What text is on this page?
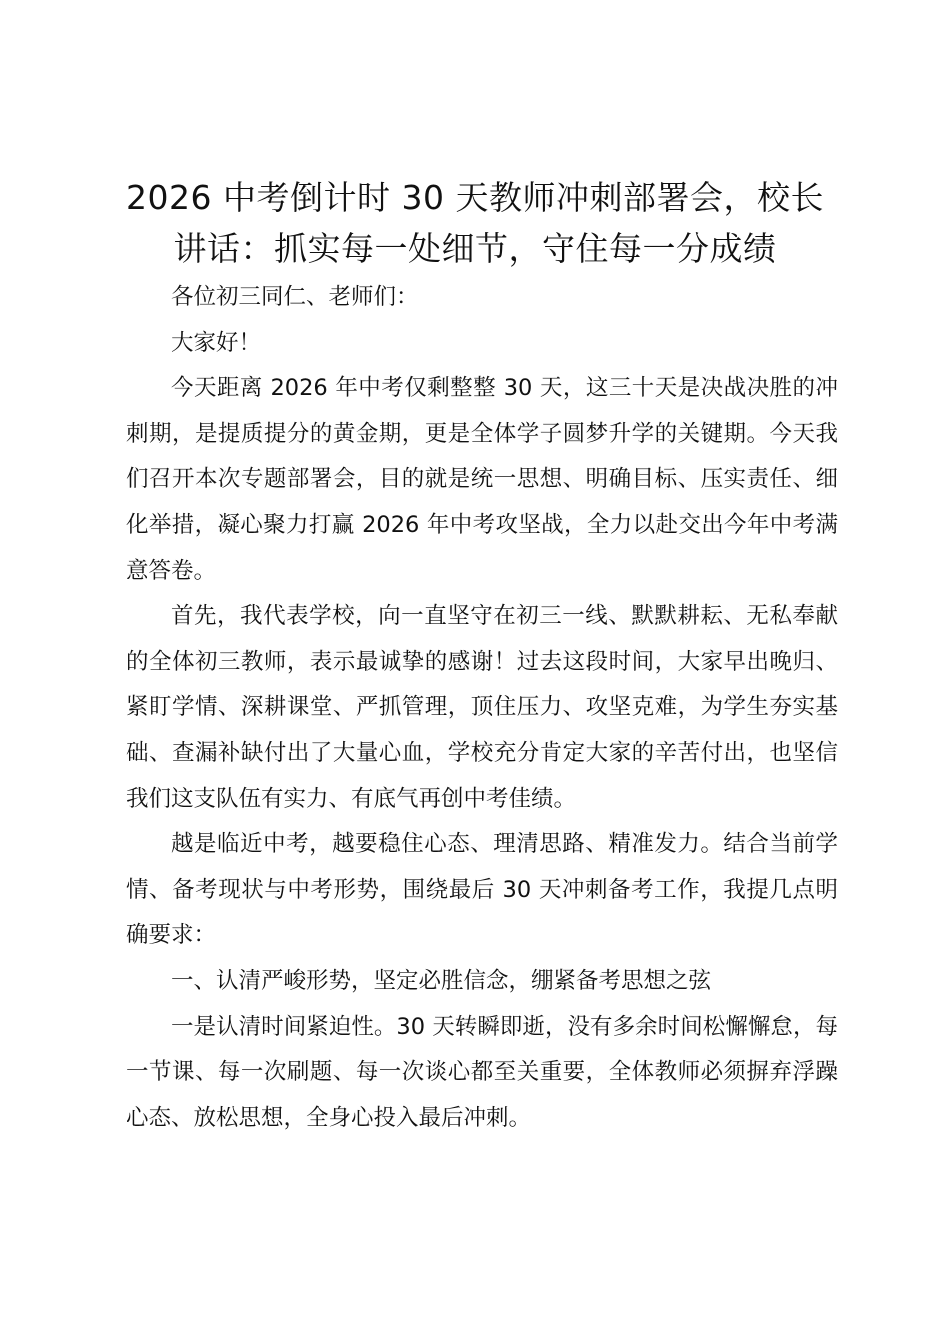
2026 中考倒计时 30 天教师冲刺部署会，校长讲话：抓实每一处细节，守住每一分成绩

各位初三同仁、老师们：

大家好！

今天距离 2026 年中考仅剩整整 30 天，这三十天是决战决胜的冲刺期，是提质提分的黄金期，更是全体学子圆梦升学的关键期。今天我们召开本次专题部署会，目的就是统一思想、明确目标、压实责任、细化举措，凝心聚力打赢 2026 年中考攻坚战，全力以赴交出今年中考满意答卷。

首先，我代表学校，向一直坚守在初三一线、默默耕耘、无私奉献的全体初三教师，表示最诚挚的感谢！过去这段时间，大家早出晚归、紧盯学情、深耕课堂、严抓管理，顶住压力、攻坚克难，为学生夯实基础、查漏补缺付出了大量心血，学校充分肯定大家的辛苦付出，也坚信我们这支队伍有实力、有底气再创中考佳绩。

越是临近中考，越要稳住心态、理清思路、精准发力。结合当前学情、备考现状与中考形势，围绕最后 30 天冲刺备考工作，我提几点明确要求：

一、认清严峻形势，坚定必胜信念，绷紧备考思想之弦

一是认清时间紧迫性。30 天转瞬即逝，没有多余时间松懈懈怠，每一节课、每一次刷题、每一次谈心都至关重要，全体教师必须摒弃浮躁心态、放松思想，全身心投入最后冲刺。
